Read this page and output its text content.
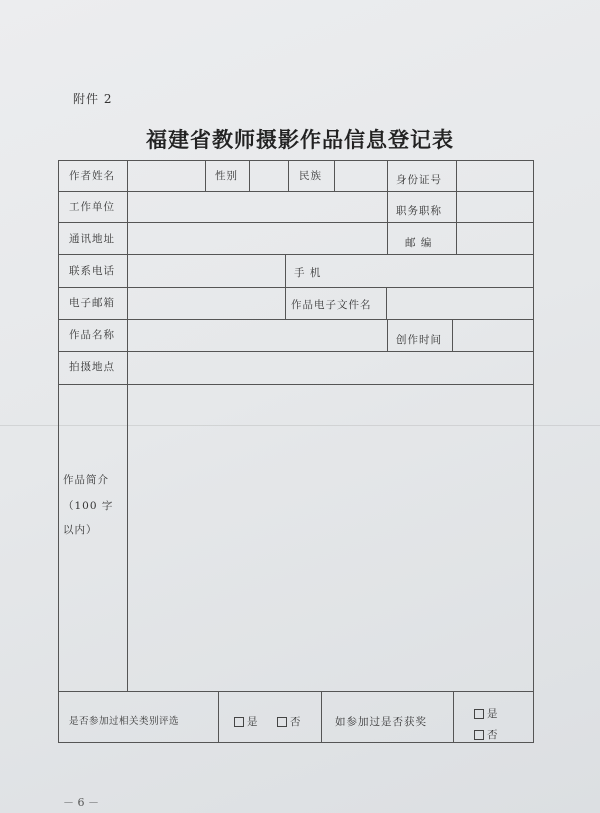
附件 2
福建省教师摄影作品信息登记表
作者姓名	性别	民族	身份证号
工作单位	职务职称
通讯地址	邮 编
联系电话	手 机
电子邮箱	作品电子文件名
作品名称	创作时间
拍摄地点
作品简介
（100 字
以内）
是否参加过相关类别评选	是	否	如参加过是否获奖
是
否
－ 6 －
